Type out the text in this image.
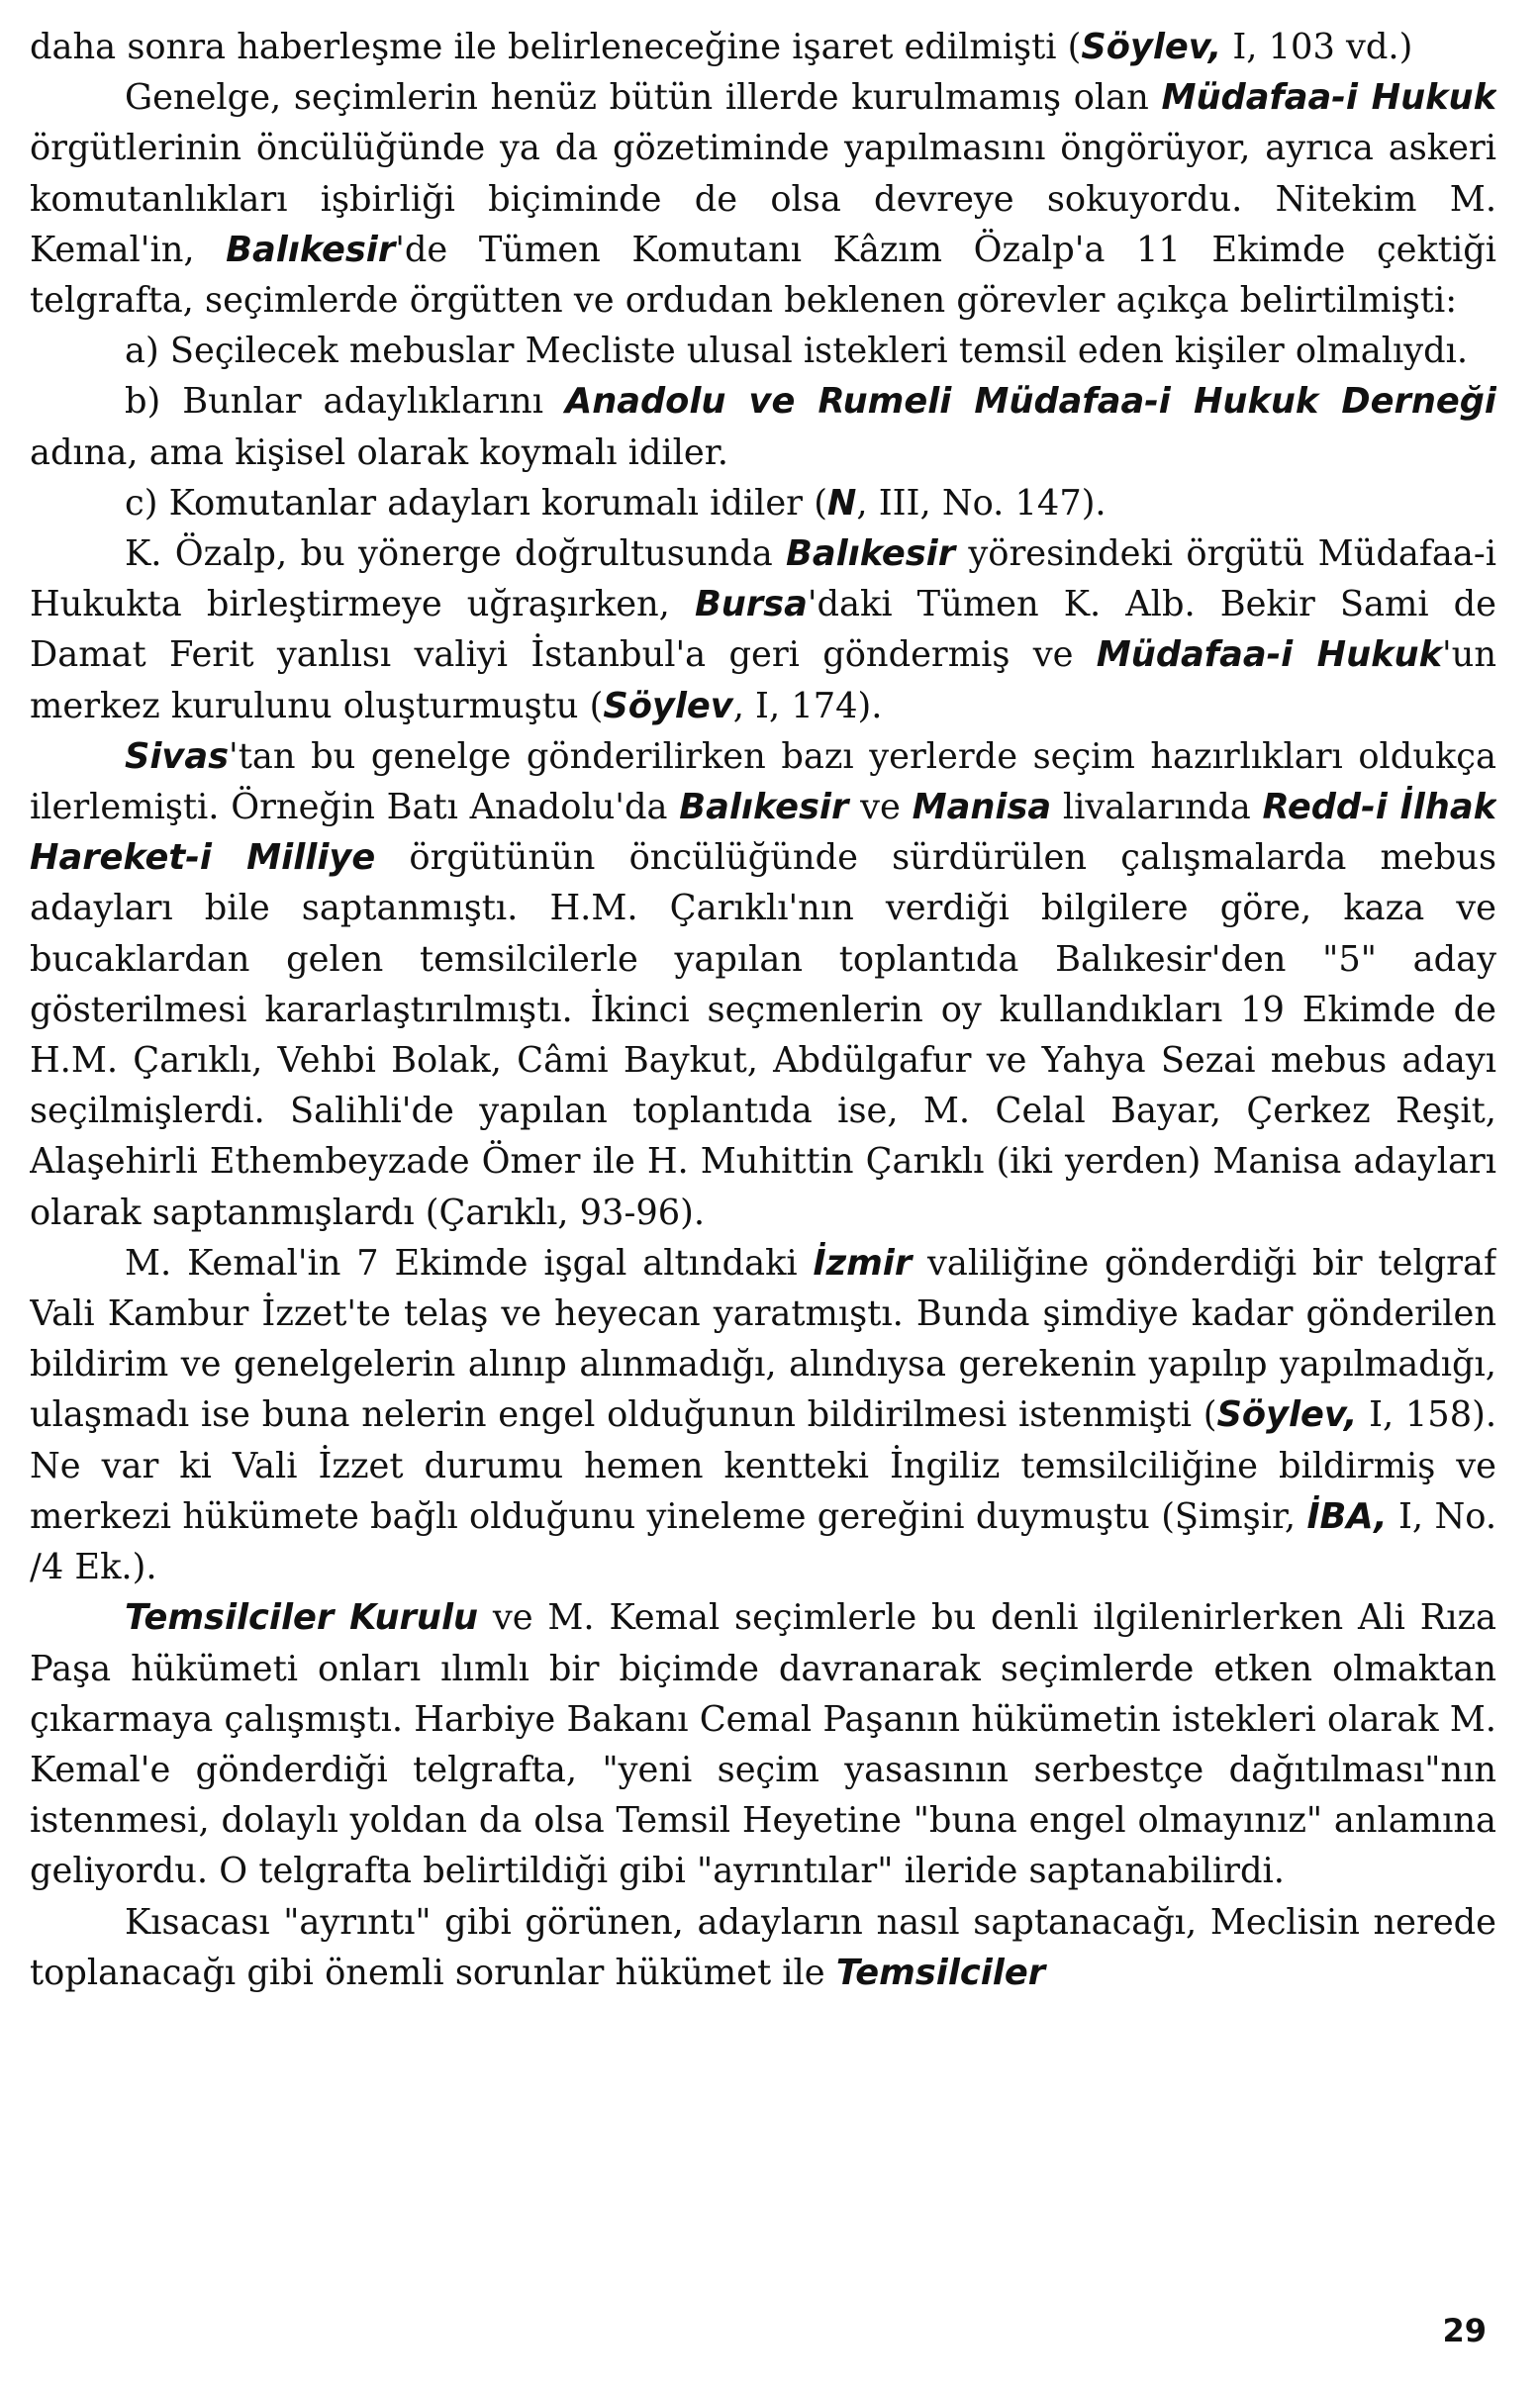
daha sonra haberleşme ile belirleneceğine işaret edilmişti (Söylev, I, 103 vd.)

Genelge, seçimlerin henüz bütün illerde kurulmamış olan Müdafaa-i Hukuk örgütlerinin öncülüğünde ya da gözetiminde yapılmasını öngörüyor, ayrıca askeri komutanlıkları işbirliği biçiminde de olsa devreye sokuyordu. Nitekim M. Kemal'in, Balıkesir'de Tümen Komutanı Kâzım Özalp'a 11 Ekimde çektiği telgrafta, seçimlerde örgütten ve ordudan beklenen görevler açıkça belirtilmişti:

a) Seçilecek mebuslar Mecliste ulusal istekleri temsil eden kişiler olmalıydı.

b) Bunlar adaylıklarını Anadolu ve Rumeli Müdafaa-i Hukuk Derneği adına, ama kişisel olarak koymalı idiler.

c) Komutanlar adayları korumalı idiler (N, III, No. 147).

K. Özalp, bu yönerge doğrultusunda Balıkesir yöresindeki örgütü Müdafaa-i Hukukta birleştirmeye uğraşırken, Bursa'daki Tümen K. Alb. Bekir Sami de Damat Ferit yanlısı valiyi İstanbul'a geri göndermiş ve Müdafaa-i Hukuk'un merkez kurulunu oluşturmuştu (Söylev, I, 174).

Sivas'tan bu genelge gönderilirken bazı yerlerde seçim hazırlıkları oldukça ilerlemişti. Örneğin Batı Anadolu'da Balıkesir ve Manisa livalarında Redd-i İlhak Hareket-i Milliye örgütünün öncülüğünde sürdürülen çalışmalarda mebus adayları bile saptanmıştı. H.M. Çarıklı'nın verdiği bilgilere göre, kaza ve bucaklardan gelen temsilcilerle yapılan toplantıda Balıkesir'den "5" aday gösterilmesi kararlaştırılmıştı. İkinci seçmenlerin oy kullandıkları 19 Ekimde de H.M. Çarıklı, Vehbi Bolak, Câmi Baykut, Abdülgafur ve Yahya Sezai mebus adayı seçilmişlerdi. Salihli'de yapılan toplantıda ise, M. Celal Bayar, Çerkez Reşit, Alaşehirli Ethembeyzade Ömer ile H. Muhittin Çarıklı (iki yerden) Manisa adayları olarak saptanmışlardı (Çarıklı, 93-96).

M. Kemal'in 7 Ekimde işgal altındaki İzmir valiliğine gönderdiği bir telgraf Vali Kambur İzzet'te telaş ve heyecan yaratmıştı. Bunda şimdiye kadar gönderilen bildirim ve genelgelerin alınıp alınmadığı, alındıysa gerekenin yapılıp yapılmadığı, ulaşmadı ise buna nelerin engel olduğunun bildirilmesi istenmişti (Söylev, I, 158). Ne var ki Vali İzzet durumu hemen kentteki İngiliz temsilciliğine bildirmiş ve merkezi hükümete bağlı olduğunu yineleme gereğini duymuştu (Şimşir, İBA, I, No. /4 Ek.).

Temsilciler Kurulu ve M. Kemal seçimlerle bu denli ilgilenirlerken Ali Rıza Paşa hükümeti onları ılımlı bir biçimde davranarak seçimlerde etken olmaktan çıkarmaya çalışmıştı. Harbiye Bakanı Cemal Paşanın hükümetin istekleri olarak M. Kemal'e gönderdiği telgrafta, "yeni seçim yasasının serbestçe dağıtılması"nın istenmesi, dolaylı yoldan da olsa Temsil Heyetine "buna engel olmayınız" anlamına geliyordu. O telgrafta belirtildiği gibi "ayrıntılar" ileride saptanabilirdi.

Kısacası "ayrıntı" gibi görünen, adayların nasıl saptanacağı, Meclisin nerede toplanacağı gibi önemli sorunlar hükümet ile Temsilciler

29
